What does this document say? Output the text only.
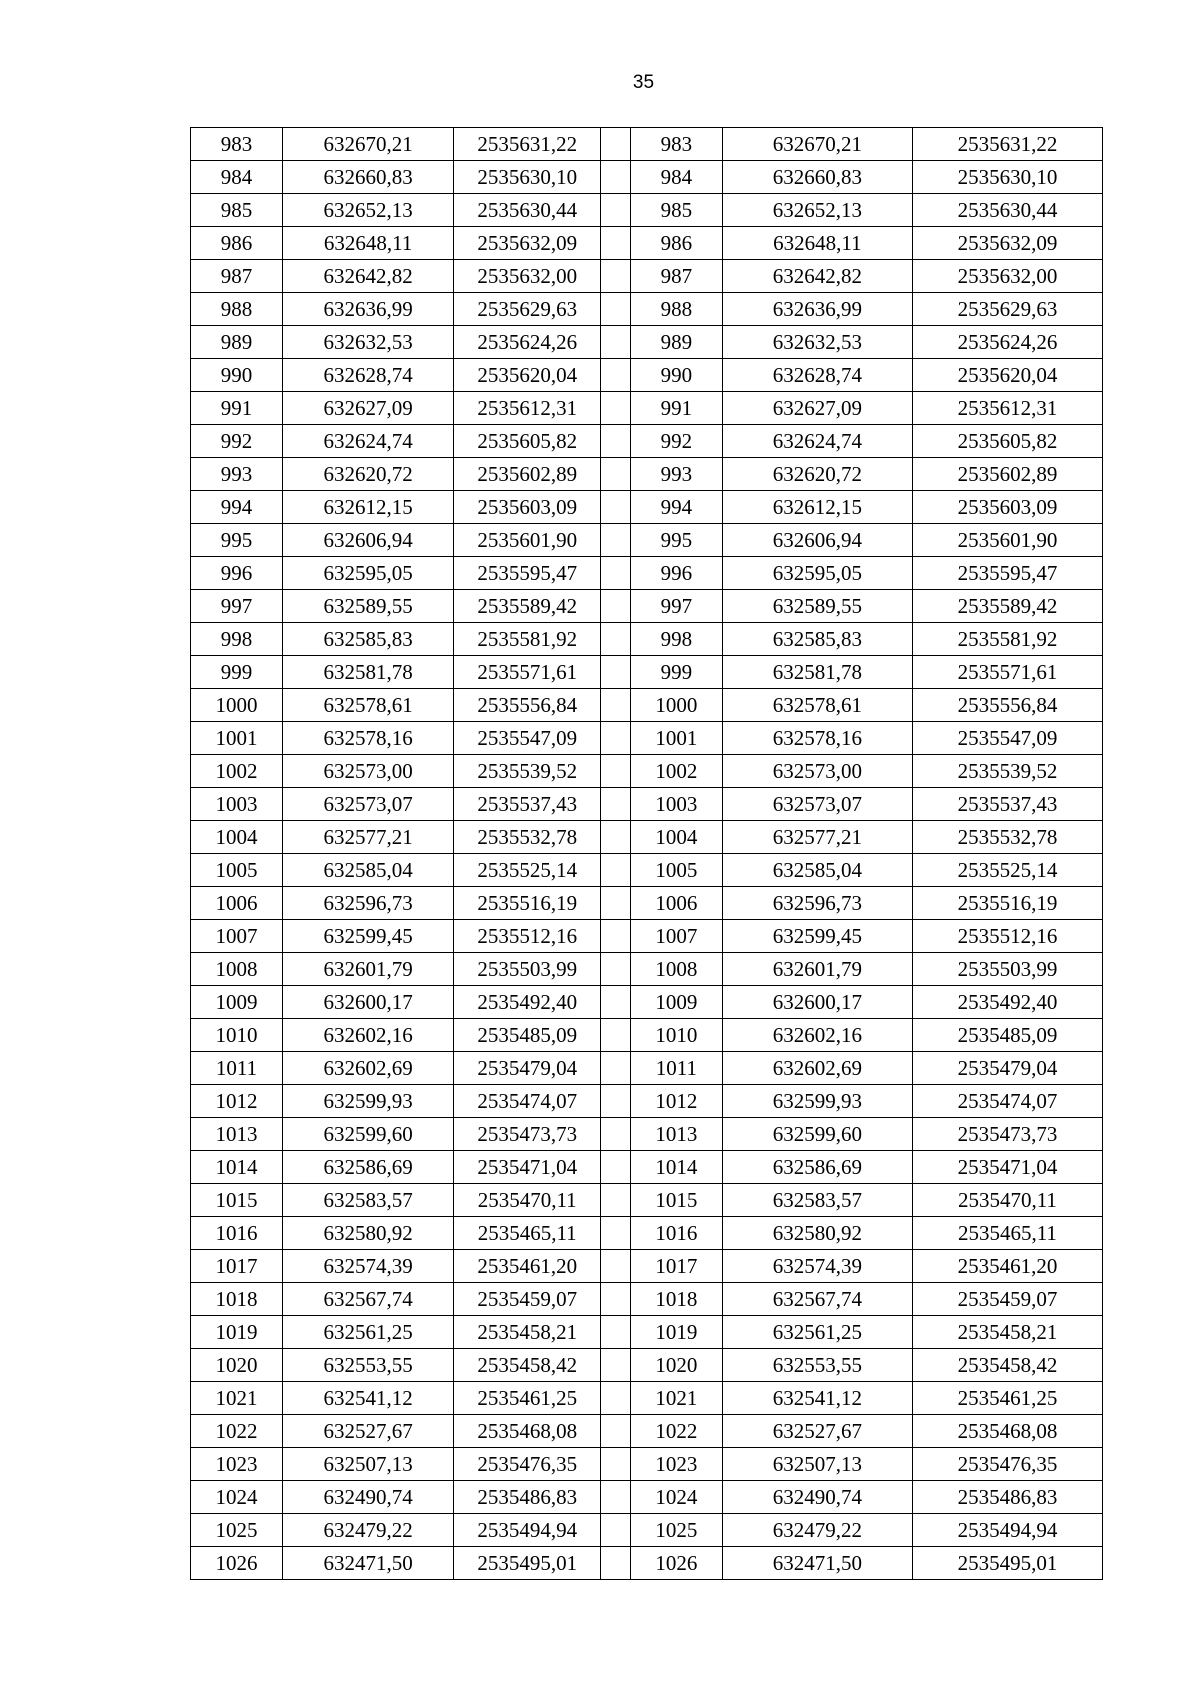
35
983	632670,21	2535631,22		983	632670,21	2535631,22
984	632660,83	2535630,10		984	632660,83	2535630,10
985	632652,13	2535630,44		985	632652,13	2535630,44
986	632648,11	2535632,09		986	632648,11	2535632,09
987	632642,82	2535632,00		987	632642,82	2535632,00
988	632636,99	2535629,63		988	632636,99	2535629,63
989	632632,53	2535624,26		989	632632,53	2535624,26
990	632628,74	2535620,04		990	632628,74	2535620,04
991	632627,09	2535612,31		991	632627,09	2535612,31
992	632624,74	2535605,82		992	632624,74	2535605,82
993	632620,72	2535602,89		993	632620,72	2535602,89
994	632612,15	2535603,09		994	632612,15	2535603,09
995	632606,94	2535601,90		995	632606,94	2535601,90
996	632595,05	2535595,47		996	632595,05	2535595,47
997	632589,55	2535589,42		997	632589,55	2535589,42
998	632585,83	2535581,92		998	632585,83	2535581,92
999	632581,78	2535571,61		999	632581,78	2535571,61
1000	632578,61	2535556,84		1000	632578,61	2535556,84
1001	632578,16	2535547,09		1001	632578,16	2535547,09
1002	632573,00	2535539,52		1002	632573,00	2535539,52
1003	632573,07	2535537,43		1003	632573,07	2535537,43
1004	632577,21	2535532,78		1004	632577,21	2535532,78
1005	632585,04	2535525,14		1005	632585,04	2535525,14
1006	632596,73	2535516,19		1006	632596,73	2535516,19
1007	632599,45	2535512,16		1007	632599,45	2535512,16
1008	632601,79	2535503,99		1008	632601,79	2535503,99
1009	632600,17	2535492,40		1009	632600,17	2535492,40
1010	632602,16	2535485,09		1010	632602,16	2535485,09
1011	632602,69	2535479,04		1011	632602,69	2535479,04
1012	632599,93	2535474,07		1012	632599,93	2535474,07
1013	632599,60	2535473,73		1013	632599,60	2535473,73
1014	632586,69	2535471,04		1014	632586,69	2535471,04
1015	632583,57	2535470,11		1015	632583,57	2535470,11
1016	632580,92	2535465,11		1016	632580,92	2535465,11
1017	632574,39	2535461,20		1017	632574,39	2535461,20
1018	632567,74	2535459,07		1018	632567,74	2535459,07
1019	632561,25	2535458,21		1019	632561,25	2535458,21
1020	632553,55	2535458,42		1020	632553,55	2535458,42
1021	632541,12	2535461,25		1021	632541,12	2535461,25
1022	632527,67	2535468,08		1022	632527,67	2535468,08
1023	632507,13	2535476,35		1023	632507,13	2535476,35
1024	632490,74	2535486,83		1024	632490,74	2535486,83
1025	632479,22	2535494,94		1025	632479,22	2535494,94
1026	632471,50	2535495,01		1026	632471,50	2535495,01
